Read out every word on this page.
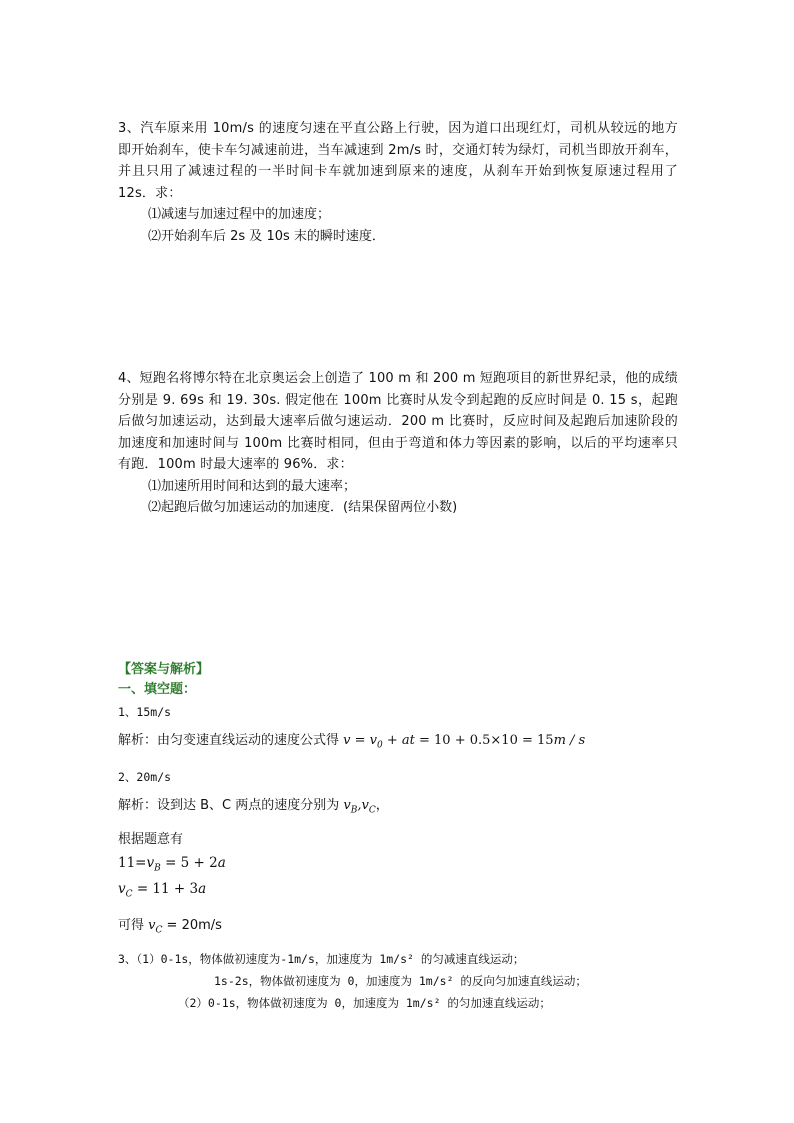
3、汽车原来用 10m/s 的速度匀速在平直公路上行驶，因为道口出现红灯，司机从较远的地方即开始刹车，使卡车匀减速前进，当车减速到 2m/s 时，交通灯转为绿灯，司机当即放开刹车，并且只用了减速过程的一半时间卡车就加速到原来的速度，从刹车开始到恢复原速过程用了 12s．求：

⑴减速与加速过程中的加速度；

⑵开始刹车后 2s 及 10s 末的瞬时速度．

4、短跑名将博尔特在北京奥运会上创造了 100 m 和 200 m 短跑项目的新世界纪录，他的成绩分别是 9. 69s 和 19. 30s. 假定他在 100m 比赛时从发令到起跑的反应时间是 0. 15 s，起跑后做匀加速运动，达到最大速率后做匀速运动．200 m 比赛时，反应时间及起跑后加速阶段的加速度和加速时间与 100m 比赛时相同，但由于弯道和体力等因素的影响，以后的平均速率只有跑．100m 时最大速率的 96%．求：

⑴加速所用时间和达到的最大速率；

⑵起跑后做匀加速运动的加速度．(结果保留两位小数)

【答案与解析】

一、填空题：

1、15m/s

解析：由匀变速直线运动的速度公式得 $v = v_0$ + at = 10 + 0.5×10 = 15m / s

2、20m/s

解析：设到达 B、C 两点的速度分别为 $v_B,v_C$，

根据题意有

$11=v_B = 5 + 2a$

$v_C = 11 + 3a$

可得 $v_C = 20m/s$

3、（1）0-1s，物体做初速度为-1m/s，加速度为 1m/s² 的匀减速直线运动；

1s-2s，物体做初速度为 0，加速度为 1m/s² 的反向匀加速直线运动；

（2）0-1s，物体做初速度为 0，加速度为 1m/s² 的匀加速直线运动；
